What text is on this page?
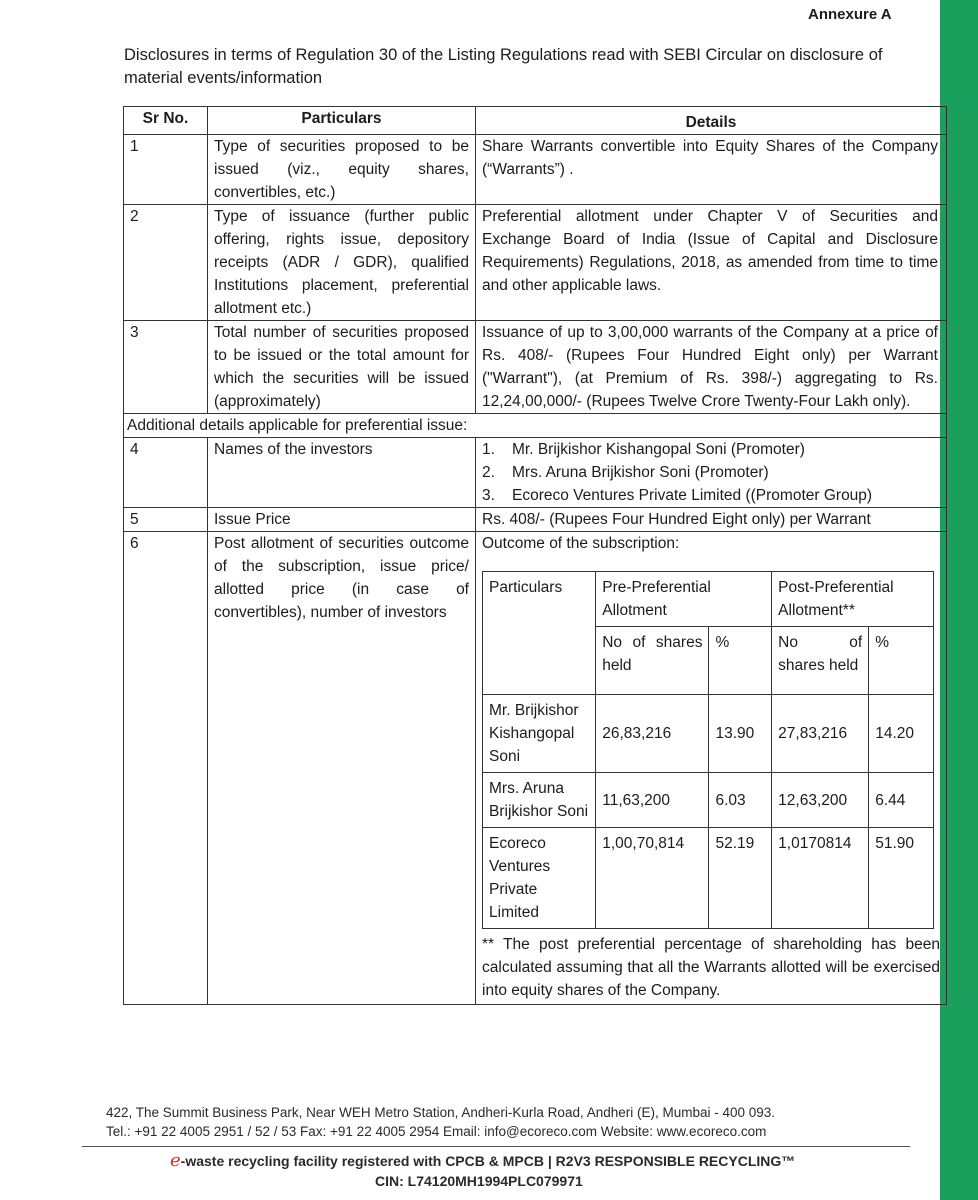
Annexure A
Disclosures in terms of Regulation 30 of the Listing Regulations read with SEBI Circular on disclosure of material events/information
Sr No.	Particulars	Details
1	Type of securities proposed to be issued (viz., equity shares, convertibles, etc.)	Share Warrants convertible into Equity Shares of the Company (“Warrants”) .
2	Type of issuance (further public offering, rights issue, depository receipts (ADR / GDR), qualified Institutions placement, preferential allotment etc.)	Preferential allotment under Chapter V of Securities and Exchange Board of India (Issue of Capital and Disclosure Requirements) Regulations, 2018, as amended from time to time and other applicable laws.
3	Total number of securities proposed to be issued or the total amount for which the securities will be issued (approximately)	Issuance of up to 3,00,000 warrants of the Company at a price of Rs. 408/- (Rupees Four Hundred Eight only) per Warrant ("Warrant"), (at Premium of Rs. 398/-) aggregating to Rs. 12,24,00,000/- (Rupees Twelve Crore Twenty-Four Lakh only).
Additional details applicable for preferential issue:
4	Names of the investors	1.	Mr. Brijkishor Kishangopal Soni (Promoter)
2.	Mrs. Aruna Brijkishor Soni (Promoter)
3.	Ecoreco Ventures Private Limited ((Promoter Group)

5	Issue Price	Rs. 408/- (Rupees Four Hundred Eight only) per Warrant
6	Post allotment of securities outcome of the subscription, issue price/ allotted price (in case of convertibles), number of investors	
Outcome of the subscription:
Particulars	Pre-Preferential Allotment	Post-Preferential Allotment**
No of shares held	%	No of shares held	%
Mr. Brijkishor Kishangopal Soni	26,83,216	13.90	27,83,216	14.20
Mrs. Aruna Brijkishor Soni	11,63,200	6.03	12,63,200	6.44
Ecoreco Ventures Private Limited	1,00,70,814	52.19	1,0170814	51.90
** The post preferential percentage of shareholding has been calculated assuming that all the Warrants allotted will be exercised into equity shares of the Company.
422, The Summit Business Park, Near WEH Metro Station, Andheri-Kurla Road, Andheri (E), Mumbai - 400 093.
Tel.: +91 22 4005 2951 / 52 / 53 Fax: +91 22 4005 2954 Email: info@ecoreco.com Website: www.ecoreco.com
e-waste recycling facility registered with CPCB & MPCB | R2V3 RESPONSIBLE RECYCLING™
CIN: L74120MH1994PLC079971
